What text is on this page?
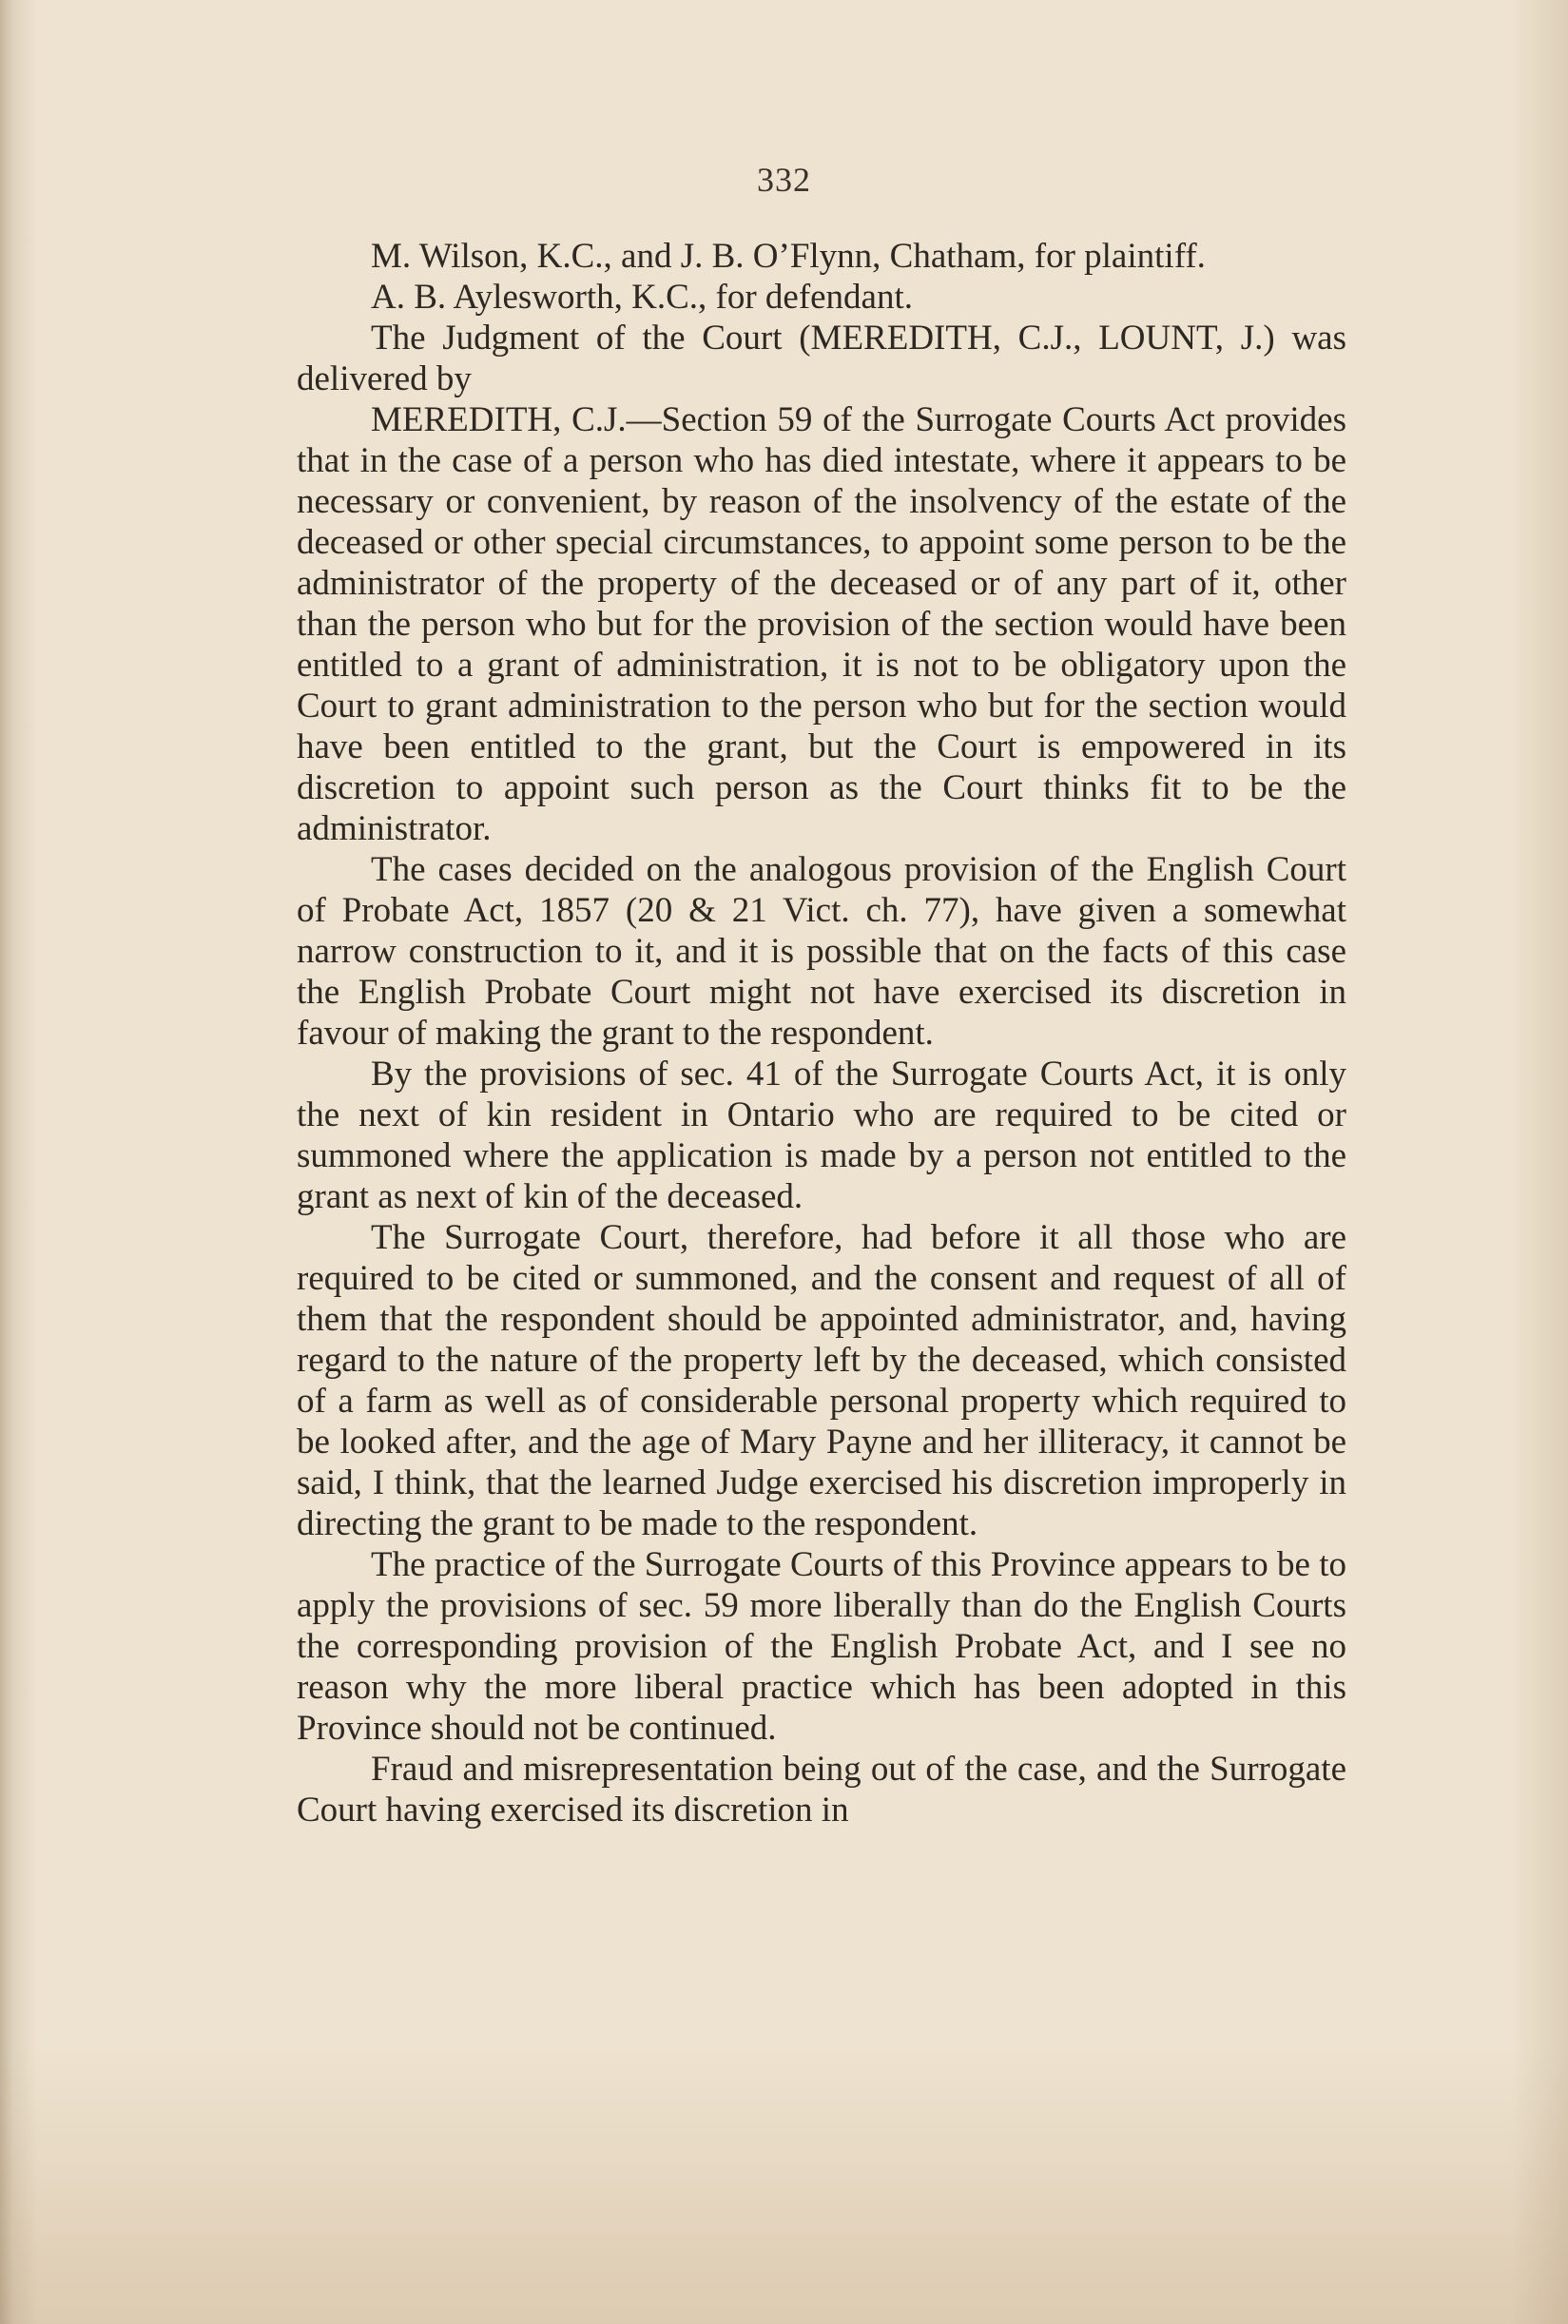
332

M. Wilson, K.C., and J. B. O’Flynn, Chatham, for plaintiff.

A. B. Aylesworth, K.C., for defendant.

The Judgment of the Court (MEREDITH, C.J., LOUNT, J.) was delivered by

MEREDITH, C.J.—Section 59 of the Surrogate Courts Act provides that in the case of a person who has died intestate, where it appears to be necessary or convenient, by reason of the insolvency of the estate of the deceased or other special circumstances, to appoint some person to be the administrator of the property of the deceased or of any part of it, other than the person who but for the provision of the section would have been entitled to a grant of administration, it is not to be obligatory upon the Court to grant administration to the person who but for the section would have been entitled to the grant, but the Court is empowered in its discretion to appoint such person as the Court thinks fit to be the administrator.

The cases decided on the analogous provision of the English Court of Probate Act, 1857 (20 & 21 Vict. ch. 77), have given a somewhat narrow construction to it, and it is possible that on the facts of this case the English Probate Court might not have exercised its discretion in favour of making the grant to the respondent.

By the provisions of sec. 41 of the Surrogate Courts Act, it is only the next of kin resident in Ontario who are required to be cited or summoned where the application is made by a person not entitled to the grant as next of kin of the deceased.

The Surrogate Court, therefore, had before it all those who are required to be cited or summoned, and the consent and request of all of them that the respondent should be appointed administrator, and, having regard to the nature of the property left by the deceased, which consisted of a farm as well as of considerable personal property which required to be looked after, and the age of Mary Payne and her illiteracy, it cannot be said, I think, that the learned Judge exercised his discretion improperly in directing the grant to be made to the respondent.

The practice of the Surrogate Courts of this Province appears to be to apply the provisions of sec. 59 more liberally than do the English Courts the corresponding provision of the English Probate Act, and I see no reason why the more liberal practice which has been adopted in this Province should not be continued.

Fraud and misrepresentation being out of the case, and the Surrogate Court having exercised its discretion in
